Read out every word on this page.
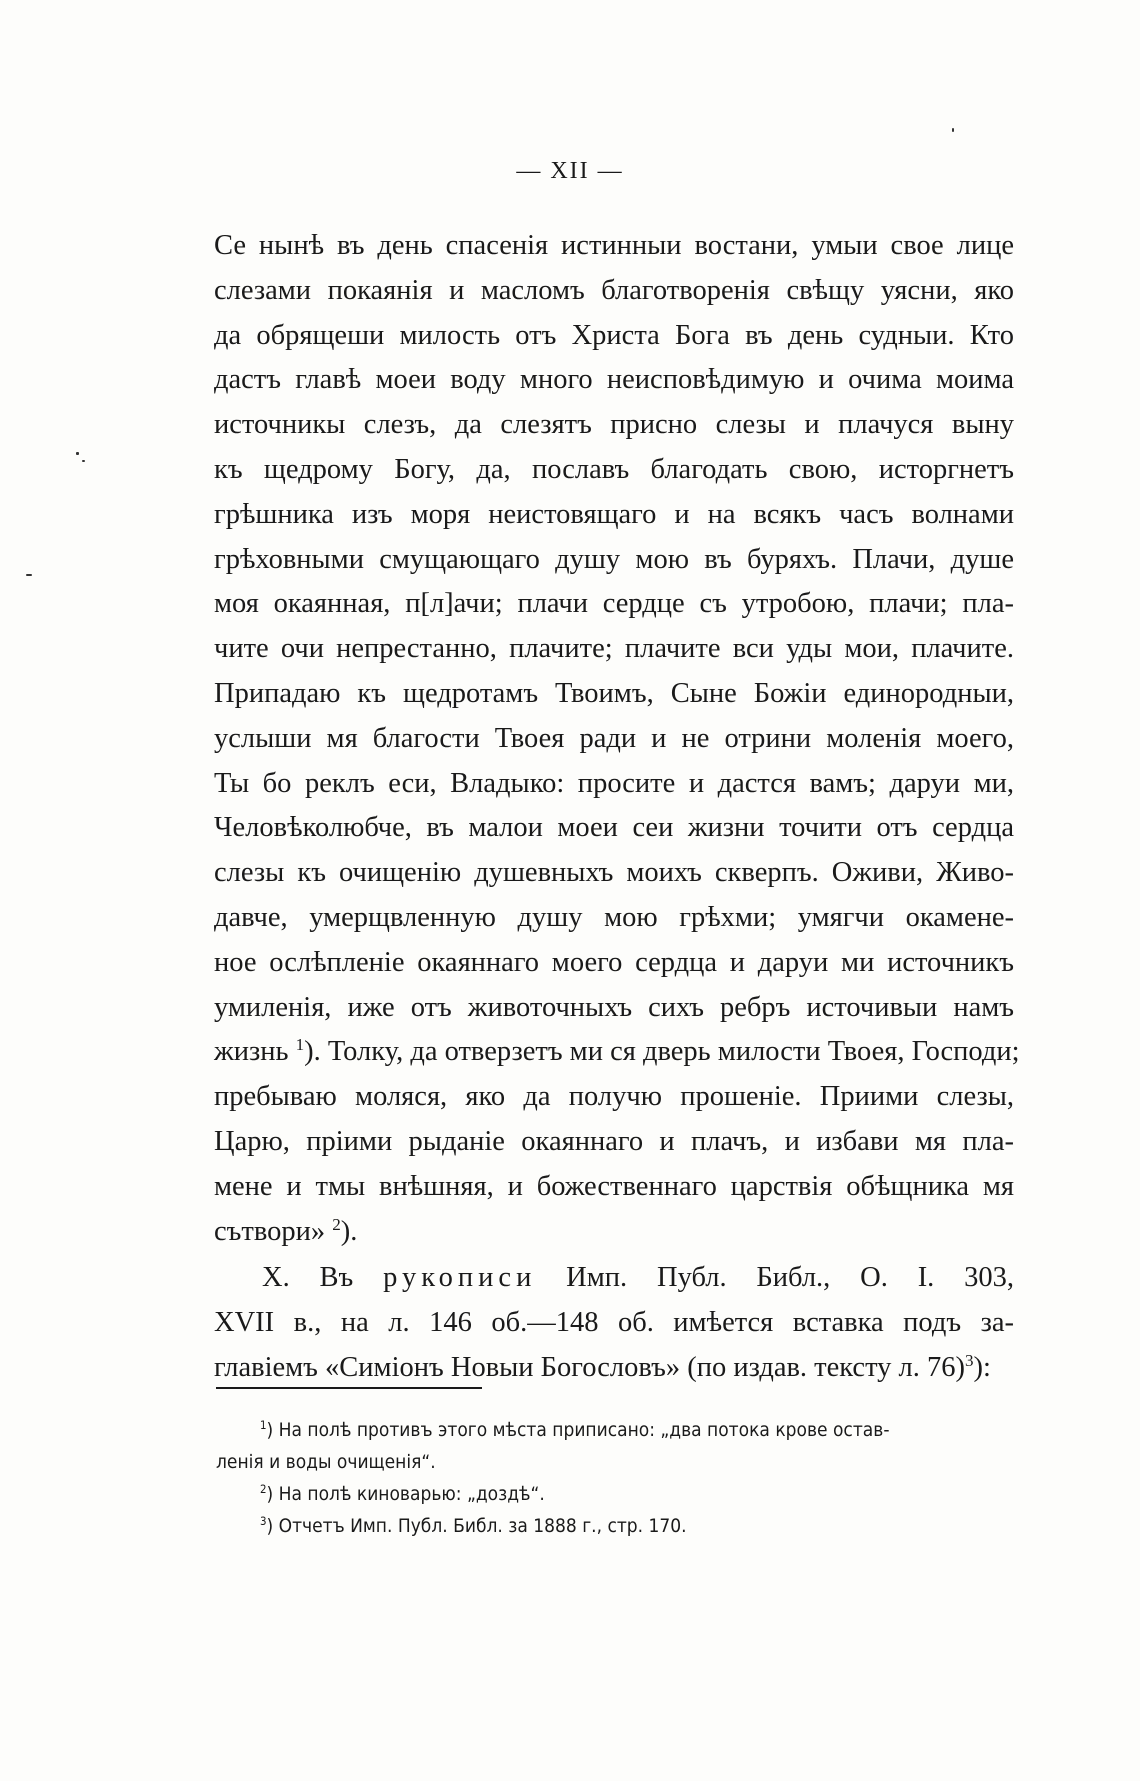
— XII —
Се нынѣ въ день спасенія истинныи востани, умыи свое лице
слезами покаянія и масломъ благотворенія свѣщу уясни, яко
да обрящеши милость отъ Христа Бога въ день судныи. Кто
дастъ главѣ моеи воду много неисповѣдимую и очима моима
источникы слезъ, да слезятъ присно слезы и плачуся выну
къ щедрому Богу, да, пославъ благодать свою, исторгнетъ
грѣшника изъ моря неистовящаго и на всякъ часъ волнами
грѣховными смущающаго душу мою въ буряхъ. Плачи, душе
моя окаянная, п[л]ачи; плачи сердце съ утробою, плачи; пла-
чите очи непрестанно, плачите; плачите вси уды мои, плачите.
Припадаю къ щедротамъ Твоимъ, Сыне Божіи единородныи,
услыши мя благости Твоея ради и не отрини моленія моего,
Ты бо реклъ еси, Владыко: просите и дастся вамъ; даруи ми,
Человѣколюбче, въ малои моеи сеи жизни точити отъ сердца
слезы къ очищенію душевныхъ моихъ скверпъ. Оживи, Живо-
давче, умерщвленную душу мою грѣхми; умягчи окамене-
ное ослѣпленіе окаяннаго моего сердца и даруи ми источникъ
умиленія, иже отъ животочныхъ сихъ ребръ источивыи намъ
жизнь $^1$). Толку, да отверзетъ ми ся дверь милости Твоея, Господи;
пребываю моляся, яко да получю прошеніе. Приими слезы,
Царю, пріими рыданіе окаяннаго и плачъ, и избави мя пла-
мене и тмы внѣшняя, и божественнаго царствія обѣщника мя
сътвори» $^2$).
X. Въ рукописи Имп. Публ. Библ., О. I. 303,
XVII в., на л. 146 об.—148 об. имѣется вставка подъ за-
главіемъ «Симіонъ Новыи Богословъ» (по издав. тексту л. 76)$^3$):
$^1$) На полѣ противъ этого мѣста приписано: „два потока крове остав-
ленія и воды очищенія“.
$^2$) На полѣ киноварью: „доздѣ“.
$^3$) Отчетъ Имп. Публ. Библ. за 1888 г., стр. 170.
